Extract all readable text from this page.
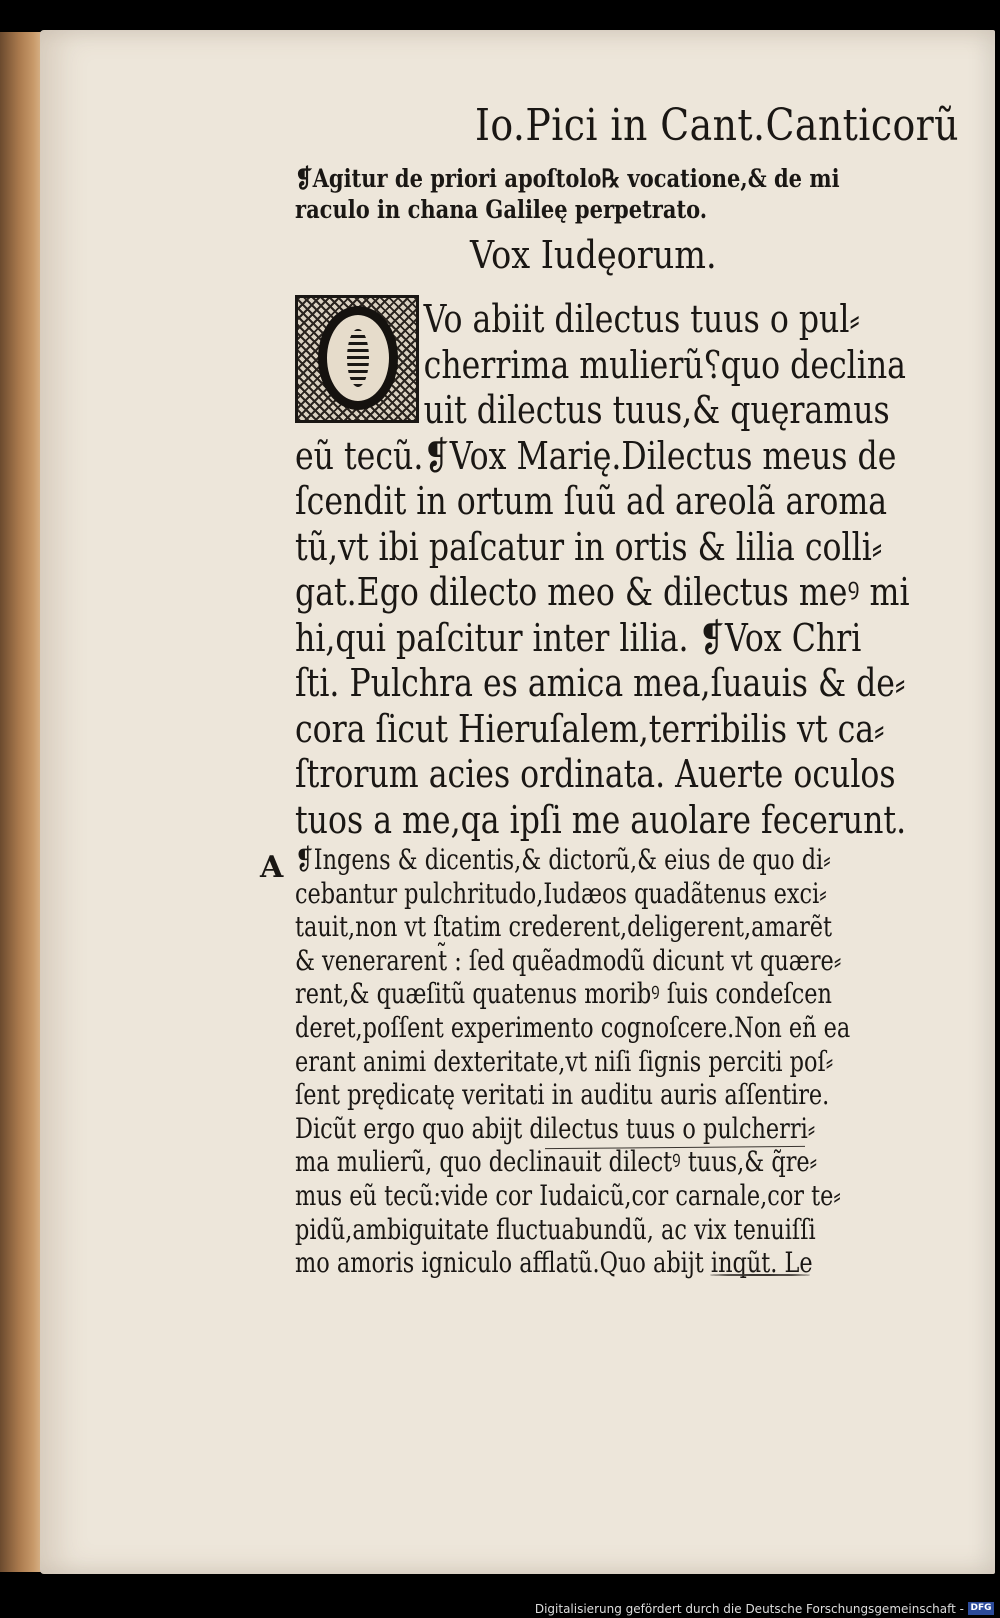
A
Io.Pici in Cant.Canticorũ
❡Agitur de priori apoſtolo℞ vocatione,& de mi
raculo in chana Galileę perpetrato.
Vox Iudęorum.
Vo abiit dilectus tuus o pul⸗
cherrima mulierũ⸮quo declina
uit dilectus tuus,& quęramus
eũ tecũ.❡Vox Marię.Dilectus meus de
ſcendit in ortum ſuũ ad areolã aroma
tũ,vt ibi paſcatur in ortis & lilia colli⸗
gat.Ego dilecto meo & dilectus meꝰ mi
hi,qui paſcitur inter lilia. ❡Vox Chri
ſti. Pulchra es amica mea,ſuauis & de⸗
cora ſicut Hieruſalem,terribilis vt ca⸗
ſtrorum acies ordinata. Auerte oculos
tuos a me,qa ipſi me auolare fecerunt.
❡Ingens & dicentis,& dictorũ,& eius de quo di⸗
cebantur pulchritudo,Iudæos quadãtenus exci⸗
tauit,non vt ſtatim crederent,deligerent,amarẽt
& venerarent̃ : ſed quẽadmodũ dicunt vt quære⸗
rent,& quæſitũ quatenus moribꝰ ſuis condeſcen
deret,poſſent experimento cognoſcere.Non eñ ea
erant animi dexteritate,vt niſi ſignis perciti poſ⸗
ſent prędicatę veritati in auditu auris aſſentire.
Dicũt ergo quo abijt dilectus tuus o pulcherri⸗
ma mulierũ, quo declinauit dilectꝰ tuus,& q̃re⸗
mus eũ tecũ:vide cor Iudaicũ,cor carnale,cor te⸗
pidũ,ambiguitate fluctuabundũ, ac vix tenuiſſi
mo amoris igniculo afflatũ.Quo abijt inqũt. Le
Digitalisierung gefördert durch die Deutsche Forschungsgemeinschaft - DFG
